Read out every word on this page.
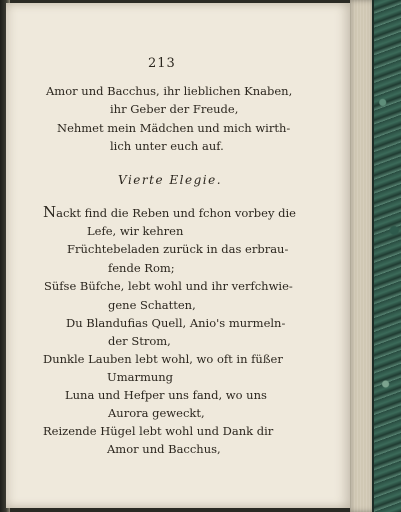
213
Amor und Bacchus, ihr lieblichen Knaben,
ihr Geber der Freude,
Nehmet mein Mädchen und mich wirth-
lich unter euch auf.
Vierte Elegie.
Nackt find die Reben und fchon vorbey die
Lefe, wir kehren
Früchtebeladen zurück in das erbrau-
fende Rom;
Süfse Büfche, lebt wohl und ihr verfchwie-
gene Schatten,
Du Blandufias Quell, Anio's murmeln-
der Strom,
Dunkle Lauben lebt wohl, wo oft in füßer
Umarmung
Luna und Hefper uns fand, wo uns
Aurora geweckt,
Reizende Hügel lebt wohl und Dank dir
Amor und Bacchus,
